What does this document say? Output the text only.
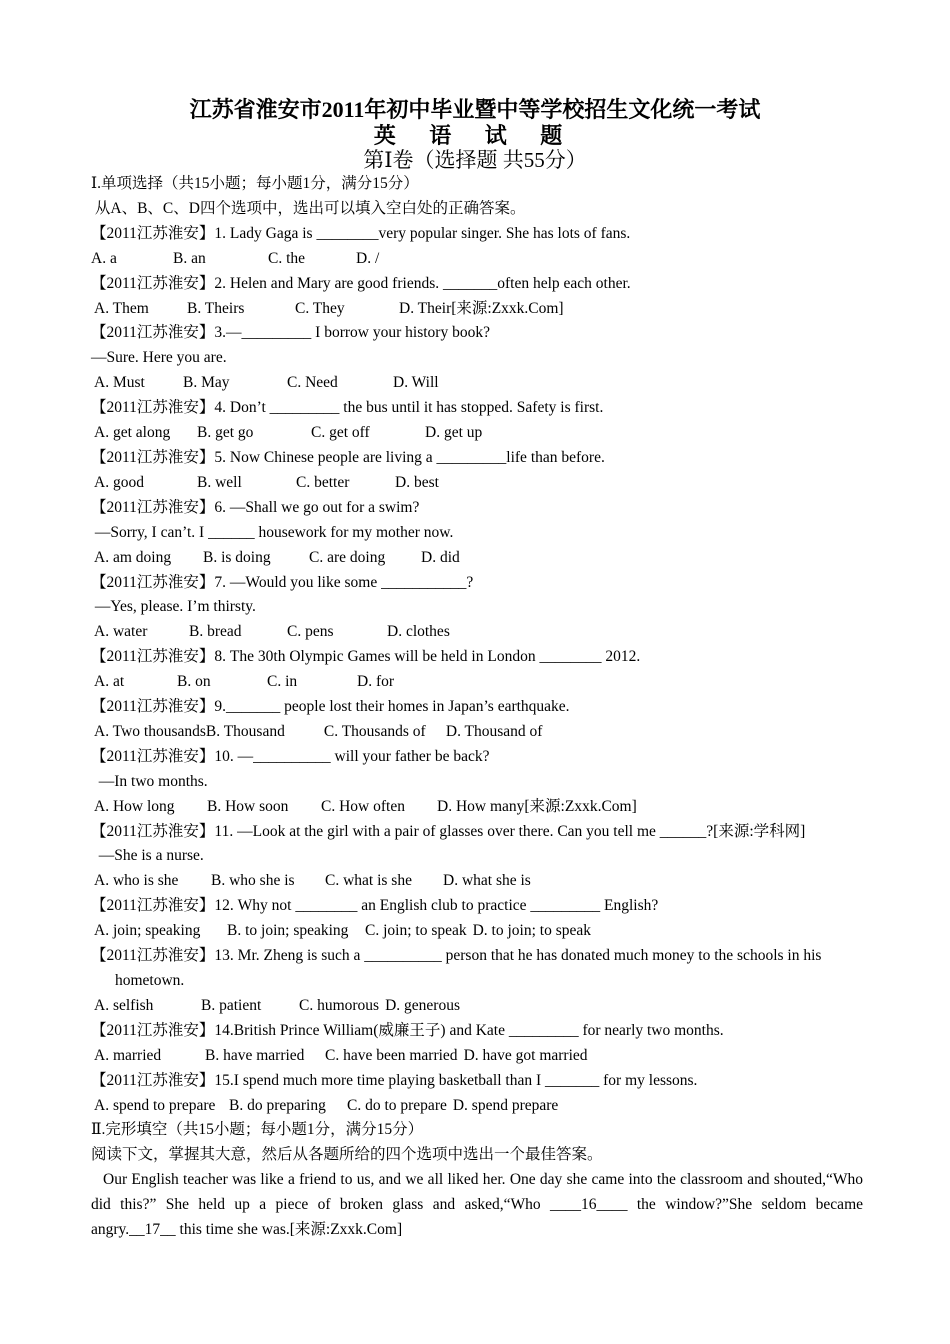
江苏省淮安市2011年初中毕业暨中等学校招生文化统一考试
英 语 试 题
第Ⅰ卷（选择题 共55分）
Ⅰ.单项选择（共15小题；每小题1分，满分15分）
从A、B、C、D四个选项中，选出可以填入空白处的正确答案。
【2011江苏淮安】1. Lady Gaga is ________very popular singer. She has lots of fans.
A. a	B. an	C. the	D. /
【2011江苏淮安】2. Helen and Mary are good friends. _______often help each other.
A. Them B. Theirs	C. They	D. Their[来源:Zxxk.Com]
【2011江苏淮安】3.—_________ I borrow your history book?
—Sure. Here you are.
A. Must B. May	C. Need	D. Will
【2011江苏淮安】4. Don’t _________ the bus until it has stopped. Safety is first.
A. get along B. get go	C. get off	D. get up
【2011江苏淮安】5. Now Chinese people are living a _________life than before.
A. good	B. well	C. better	D. best
【2011江苏淮安】6. —Shall we go out for a swim?
—Sorry, I can’t. I ______ housework for my mother now.
A. am doing B. is doing C. are doing D. did
【2011江苏淮安】7. —Would you like some ___________?
—Yes, please. I’m thirsty.
A. water	B. bread	C. pens	D. clothes
【2011江苏淮安】8. The 30th Olympic Games will be held in London ________ 2012.
A. at	B. on	C. in	D. for
【2011江苏淮安】9._______ people lost their homes in Japan’s earthquake.
A. Two thousandsB. Thousand	C. Thousands of D. Thousand of
【2011江苏淮安】10. —__________ will your father be back?
—In two months.
A. How long B. How soon C. How often D. How many[来源:Zxxk.Com]
【2011江苏淮安】11. —Look at the girl with a pair of glasses over there. Can you tell me ______?[来源:学科网]
—She is a nurse.
A. who is she B. who she is C. what is she D. what she is
【2011江苏淮安】12. Why not ________ an English club to practice _________ English?
A. join; speaking B. to join; speaking C. join; to speak D. to join; to speak
【2011江苏淮安】13. Mr. Zheng is such a __________ person that he has donated much money to the schools in his hometown.
A. selfish	B. patient C. humorous D. generous
【2011江苏淮安】14.British Prince William(威廉王子) and Kate _________ for nearly two months.
A. married	B. have married C. have been married D. have got married
【2011江苏淮安】15.I spend much more time playing basketball than I _______ for my lessons.
A. spend to prepare B. do preparing C. do to prepare D. spend prepare
Ⅱ.完形填空（共15小题；每小题1分，满分15分）
阅读下文，掌握其大意，然后从各题所给的四个选项中选出一个最佳答案。
Our English teacher was like a friend to us, and we all liked her. One day she came into the classroom and shouted,“Who did this?” She held up a piece of broken glass and asked,“Who ____16____ the window?”She seldom became angry.__17__ this time she was.[来源:Zxxk.Com]
